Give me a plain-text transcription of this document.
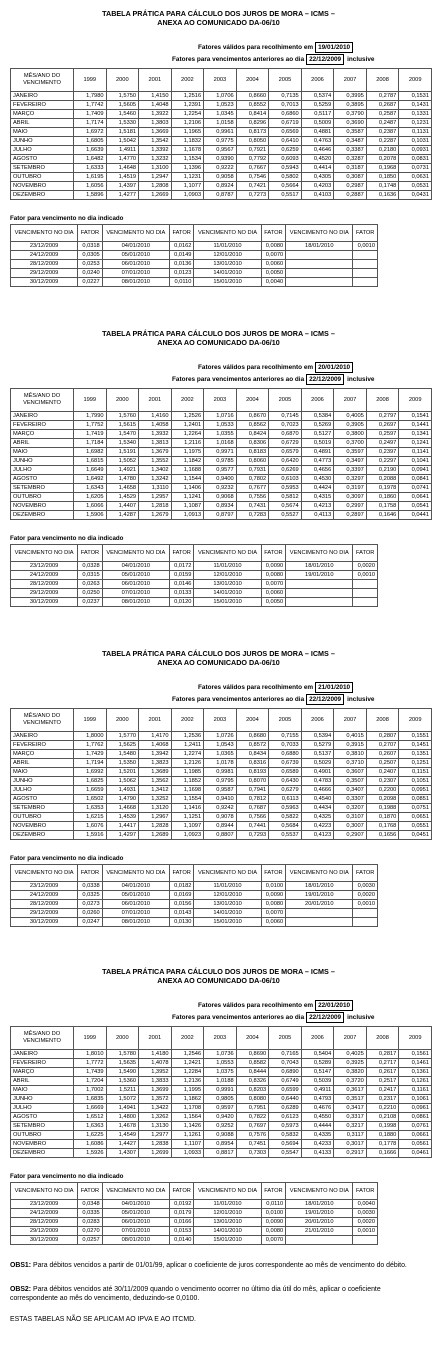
TABELA PRÁTICA PARA CÁLCULO DOS JUROS DE MORA – ICMS –
ANEXA AO COMUNICADO DA-06/10
Fatores válidos para recolhimento em 19/01/2010
Fatores para vencimentos anteriores ao dia 22/12/2009 inclusive
MÊS/ANO DO VENCIMENTO	1999	2000	2001	2002	2003	2004	2005	2006	2007	2008	2009
JANEIRO	1,7980	1,5750	1,4150	1,2516	1,0706	0,8660	0,7135	0,5374	0,3995	0,2787	0,1531
FEVEREIRO	1,7742	1,5605	1,4048	1,2391	1,0523	0,8552	0,7013	0,5259	0,3895	0,2687	0,1431
MARÇO	1,7409	1,5460	1,3922	1,2254	1,0345	0,8414	0,6860	0,5117	0,3790	0,2587	0,1331
ABRIL	1,7174	1,5330	1,3803	1,2106	1,0158	0,8296	0,6719	0,5009	0,3690	0,2487	0,1231
MAIO	1,6972	1,5181	1,3669	1,1965	0,9961	0,8173	0,6569	0,4881	0,3587	0,2387	0,1131
JUNHO	1,6805	1,5042	1,3542	1,1832	0,9775	0,8050	0,6410	0,4763	0,3487	0,2287	0,1031
JULHO	1,6639	1,4911	1,3392	1,1678	0,9567	0,7921	0,6259	0,4646	0,3387	0,2180	0,0931
AGOSTO	1,6482	1,4770	1,3232	1,1534	0,9390	0,7792	0,6093	0,4520	0,3287	0,2078	0,0831
SETEMBRO	1,6333	1,4648	1,3100	1,1396	0,9222	0,7667	0,5943	0,4414	0,3187	0,1968	0,0731
OUTUBRO	1,6195	1,4519	1,2947	1,1231	0,9058	0,7546	0,5802	0,4305	0,3087	0,1850	0,0631
NOVEMBRO	1,6056	1,4397	1,2808	1,1077	0,8924	0,7421	0,5664	0,4203	0,2987	0,1748	0,0531
DEZEMBRO	1,5896	1,4277	1,2669	1,0903	0,8787	0,7273	0,5517	0,4103	0,2887	0,1636	0,0431
Fator para vencimento no dia indicado
VENCIMENTO NO DIA	FATOR	VENCIMENTO NO DIA	FATOR	VENCIMENTO NO DIA	FATOR	VENCIMENTO NO DIA	FATOR
23/12/2009	0,0318	04/01/2010	0,0162	11/01/2010	0,0080	18/01/2010	0,0010
24/12/2009	0,0305	05/01/2010	0,0149	12/01/2010	0,0070		
28/12/2009	0,0253	06/01/2010	0,0136	13/01/2010	0,0060		
29/12/2009	0,0240	07/01/2010	0,0123	14/01/2010	0,0050		
30/12/2009	0,0227	08/01/2010	0,0110	15/01/2010	0,0040		
TABELA PRÁTICA PARA CÁLCULO DOS JUROS DE MORA – ICMS –
ANEXA AO COMUNICADO DA-06/10
Fatores válidos para recolhimento em 20/01/2010
Fatores para vencimentos anteriores ao dia 22/12/2009 inclusive
MÊS/ANO DO VENCIMENTO	1999	2000	2001	2002	2003	2004	2005	2006	2007	2008	2009
JANEIRO	1,7990	1,5760	1,4160	1,2526	1,0716	0,8670	0,7145	0,5384	0,4005	0,2797	0,1541
FEVEREIRO	1,7752	1,5615	1,4058	1,2401	1,0533	0,8562	0,7023	0,5269	0,3905	0,2697	0,1441
MARÇO	1,7419	1,5470	1,3932	1,2264	1,0355	0,8424	0,6870	0,5127	0,3800	0,2597	0,1341
ABRIL	1,7184	1,5340	1,3813	1,2116	1,0168	0,8306	0,6729	0,5019	0,3700	0,2497	0,1241
MAIO	1,6982	1,5191	1,3679	1,1975	0,9971	0,8183	0,6579	0,4891	0,3597	0,2397	0,1141
JUNHO	1,6815	1,5052	1,3552	1,1842	0,9785	0,8060	0,6420	0,4773	0,3497	0,2297	0,1041
JULHO	1,6649	1,4921	1,3402	1,1688	0,9577	0,7931	0,6269	0,4656	0,3397	0,2190	0,0941
AGOSTO	1,6492	1,4780	1,3242	1,1544	0,9400	0,7802	0,6103	0,4530	0,3297	0,2088	0,0841
SETEMBRO	1,6343	1,4658	1,3110	1,1406	0,9232	0,7677	0,5953	0,4424	0,3197	0,1978	0,0741
OUTUBRO	1,6205	1,4529	1,2957	1,1241	0,9068	0,7556	0,5812	0,4315	0,3097	0,1860	0,0641
NOVEMBRO	1,6066	1,4407	1,2818	1,1087	0,8934	0,7431	0,5674	0,4213	0,2997	0,1758	0,0541
DEZEMBRO	1,5906	1,4287	1,2679	1,0913	0,8797	0,7283	0,5527	0,4113	0,2897	0,1646	0,0441
Fator para vencimento no dia indicado
VENCIMENTO NO DIA	FATOR	VENCIMENTO NO DIA	FATOR	VENCIMENTO NO DIA	FATOR	VENCIMENTO NO DIA	FATOR
23/12/2009	0,0328	04/01/2010	0,0172	11/01/2010	0,0090	18/01/2010	0,0020
24/12/2009	0,0315	05/01/2010	0,0159	12/01/2010	0,0080	19/01/2010	0,0010
28/12/2009	0,0263	06/01/2010	0,0146	13/01/2010	0,0070		
29/12/2009	0,0250	07/01/2010	0,0133	14/01/2010	0,0060		
30/12/2009	0,0237	08/01/2010	0,0120	15/01/2010	0,0050		
TABELA PRÁTICA PARA CÁLCULO DOS JUROS DE MORA – ICMS –
ANEXA AO COMUNICADO DA-06/10
Fatores válidos para recolhimento em 21/01/2010
Fatores para vencimentos anteriores ao dia 22/12/2009 inclusive
MÊS/ANO DO VENCIMENTO	1999	2000	2001	2002	2003	2004	2005	2006	2007	2008	2009
JANEIRO	1,8000	1,5770	1,4170	1,2536	1,0726	0,8680	0,7155	0,5394	0,4015	0,2807	0,1551
FEVEREIRO	1,7762	1,5625	1,4068	1,2411	1,0543	0,8572	0,7033	0,5279	0,3915	0,2707	0,1451
MARÇO	1,7429	1,5480	1,3942	1,2274	1,0365	0,8434	0,6880	0,5137	0,3810	0,2607	0,1351
ABRIL	1,7194	1,5350	1,3823	1,2126	1,0178	0,8316	0,6739	0,5029	0,3710	0,2507	0,1251
MAIO	1,6992	1,5201	1,3689	1,1985	0,9981	0,8193	0,6589	0,4901	0,3607	0,2407	0,1151
JUNHO	1,6825	1,5062	1,3562	1,1852	0,9795	0,8070	0,6430	0,4783	0,3507	0,2307	0,1051
JULHO	1,6659	1,4931	1,3412	1,1698	0,9587	0,7941	0,6279	0,4666	0,3407	0,2200	0,0951
AGOSTO	1,6502	1,4790	1,3252	1,1554	0,9410	0,7812	0,6113	0,4540	0,3307	0,2098	0,0851
SETEMBRO	1,6353	1,4668	1,3120	1,1416	0,9242	0,7687	0,5963	0,4434	0,3207	0,1988	0,0751
OUTUBRO	1,6215	1,4539	1,2967	1,1251	0,9078	0,7566	0,5822	0,4325	0,3107	0,1870	0,0651
NOVEMBRO	1,6076	1,4417	1,2828	1,1097	0,8944	0,7441	0,5684	0,4223	0,3007	0,1768	0,0551
DEZEMBRO	1,5916	1,4297	1,2689	1,0923	0,8807	0,7293	0,5537	0,4123	0,2907	0,1656	0,0451
Fator para vencimento no dia indicado
VENCIMENTO NO DIA	FATOR	VENCIMENTO NO DIA	FATOR	VENCIMENTO NO DIA	FATOR	VENCIMENTO NO DIA	FATOR
23/12/2009	0,0338	04/01/2010	0,0182	11/01/2010	0,0100	18/01/2010	0,0030
24/12/2009	0,0325	05/01/2010	0,0169	12/01/2010	0,0090	19/01/2010	0,0020
28/12/2009	0,0273	06/01/2010	0,0156	13/01/2010	0,0080	20/01/2010	0,0010
29/12/2009	0,0260	07/01/2010	0,0143	14/01/2010	0,0070		
30/12/2009	0,0247	08/01/2010	0,0130	15/01/2010	0,0060		
TABELA PRÁTICA PARA CÁLCULO DOS JUROS DE MORA – ICMS –
ANEXA AO COMUNICADO DA-06/10
Fatores válidos para recolhimento em 22/01/2010
Fatores para vencimentos anteriores ao dia 22/12/2009 inclusive
MÊS/ANO DO VENCIMENTO	1999	2000	2001	2002	2003	2004	2005	2006	2007	2008	2009
JANEIRO	1,8010	1,5780	1,4180	1,2546	1,0736	0,8690	0,7165	0,5404	0,4025	0,2817	0,1561
FEVEREIRO	1,7772	1,5635	1,4078	1,2421	1,0553	0,8582	0,7043	0,5289	0,3925	0,2717	0,1461
MARÇO	1,7439	1,5490	1,3952	1,2284	1,0375	0,8444	0,6890	0,5147	0,3820	0,2617	0,1361
ABRIL	1,7204	1,5360	1,3833	1,2136	1,0188	0,8326	0,6749	0,5039	0,3720	0,2517	0,1261
MAIO	1,7002	1,5211	1,3699	1,1995	0,9991	0,8203	0,6599	0,4911	0,3617	0,2417	0,1161
JUNHO	1,6835	1,5072	1,3572	1,1862	0,9805	0,8080	0,6440	0,4793	0,3517	0,2317	0,1061
JULHO	1,6669	1,4941	1,3422	1,1708	0,9597	0,7951	0,6289	0,4676	0,3417	0,2210	0,0961
AGOSTO	1,6512	1,4800	1,3262	1,1564	0,9420	0,7822	0,6123	0,4550	0,3317	0,2108	0,0861
SETEMBRO	1,6363	1,4678	1,3130	1,1426	0,9252	0,7697	0,5973	0,4444	0,3217	0,1998	0,0761
OUTUBRO	1,6225	1,4549	1,2977	1,1261	0,9088	0,7576	0,5832	0,4335	0,3117	0,1880	0,0661
NOVEMBRO	1,6086	1,4427	1,2838	1,1107	0,8954	0,7451	0,5694	0,4233	0,3017	0,1778	0,0561
DEZEMBRO	1,5926	1,4307	1,2699	1,0933	0,8817	0,7303	0,5547	0,4133	0,2917	0,1666	0,0461
Fator para vencimento no dia indicado
VENCIMENTO NO DIA	FATOR	VENCIMENTO NO DIA	FATOR	VENCIMENTO NO DIA	FATOR	VENCIMENTO NO DIA	FATOR
23/12/2009	0,0348	04/01/2010	0,0192	11/01/2010	0,0110	18/01/2010	0,0040
24/12/2009	0,0335	05/01/2010	0,0179	12/01/2010	0,0100	19/01/2010	0,0030
28/12/2009	0,0283	06/01/2010	0,0166	13/01/2010	0,0090	20/01/2010	0,0020
29/12/2009	0,0270	07/01/2010	0,0153	14/01/2010	0,0080	21/01/2010	0,0010
30/12/2009	0,0257	08/01/2010	0,0140	15/01/2010	0,0070		
OBS1: Para débitos vencidos a partir de 01/01/99, aplicar o coeficiente de juros correspondente ao mês de vencimento do débito.
OBS2: Para débitos vencidos até 30/11/2009 quando o vencimento ocorrer no último dia útil do mês, aplicar o coeficiente correspondente ao mês do vencimento, deduzindo-se 0,0100.
ESTAS TABELAS NÃO SE APLICAM AO IPVA E AO ITCMD.
